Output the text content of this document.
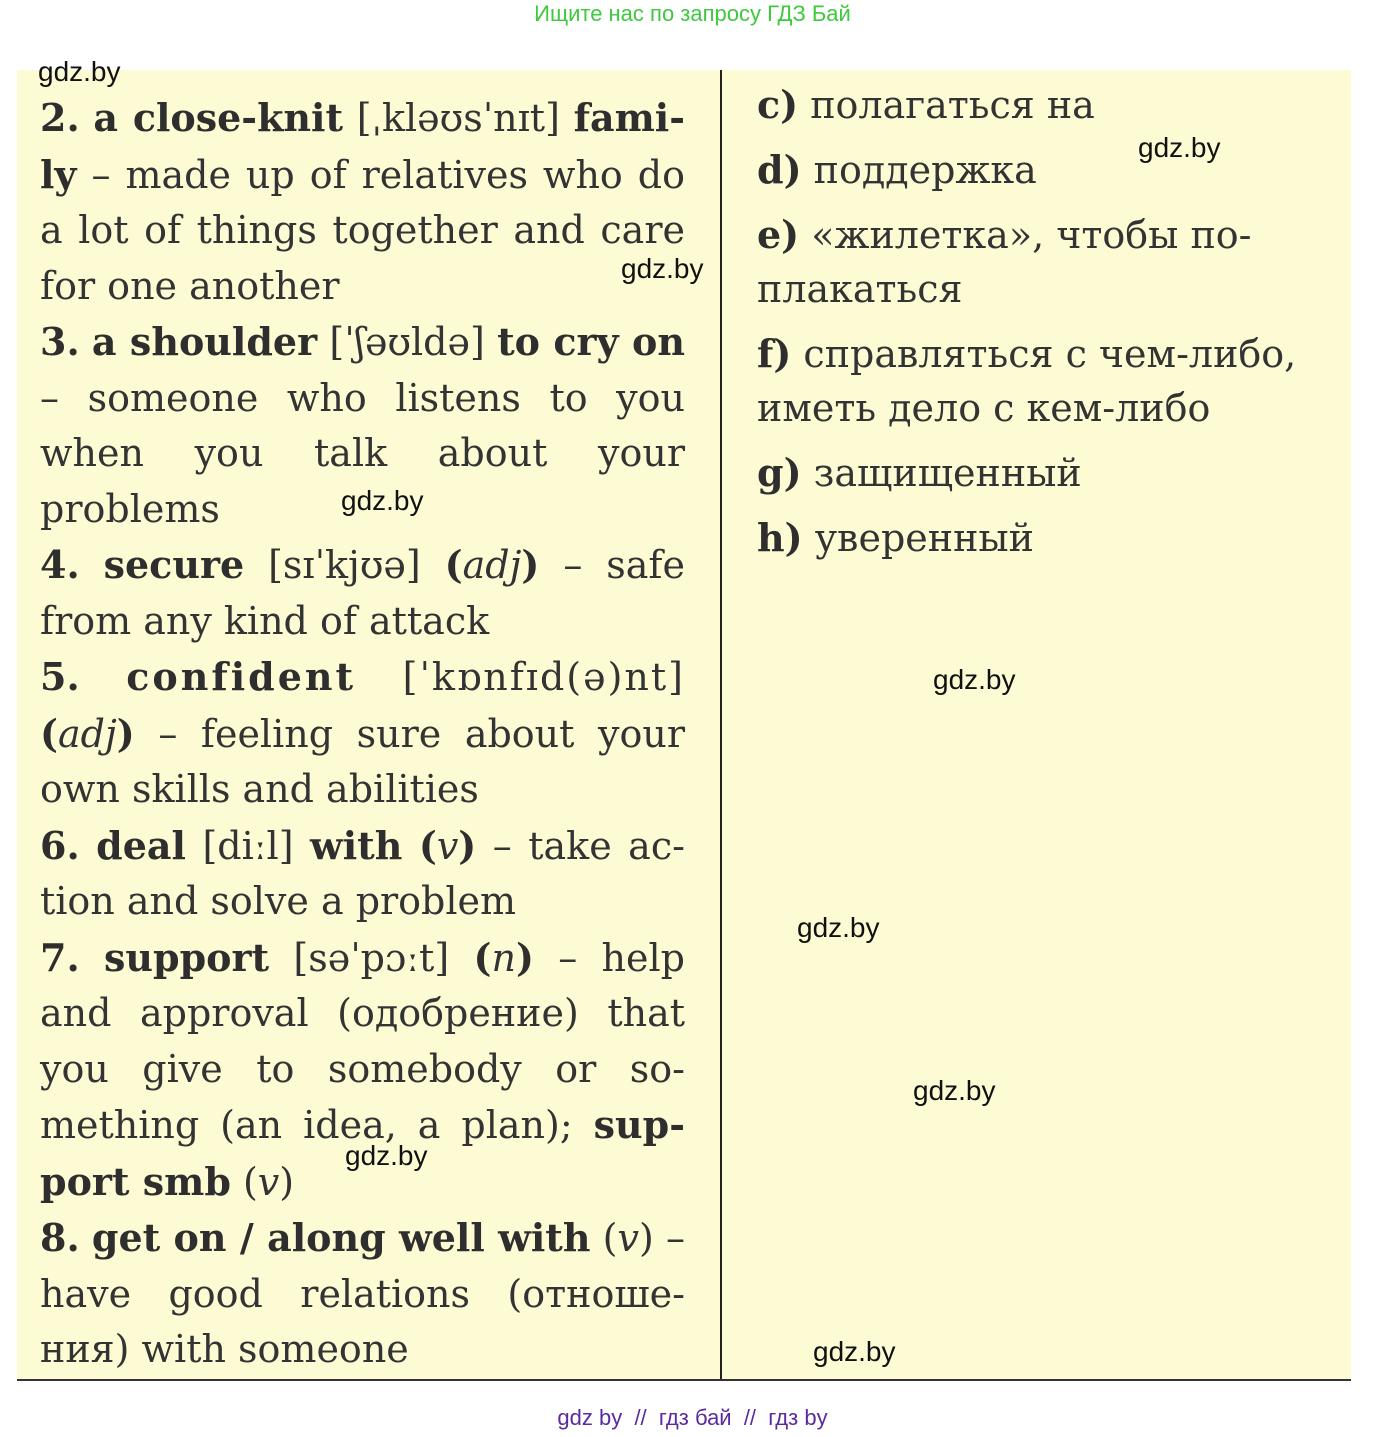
Ищите нас по запросу ГДЗ Бай

2. a close-knit [ˌkləʊsˈnɪt] fami-ly – made up of relatives who do a lot of things together and care for one another

3. a shoulder [ˈʃəʊldə] to cry on – someone who listens to you when you talk about your problems

4. secure [sɪˈkjʊə] (adj) – safe from any kind of attack

5. confident [ˈkɒnfɪd(ə)nt] (adj) – feeling sure about your own skills and abilities

6. deal [diːl] with (v) – take ac-tion and solve a problem

7. support [səˈpɔːt] (n) – help and approval (одобрение) that you give to somebody or so-mething (an idea, a plan); sup-port smb (v)

8. get on / along well with (v) – have good relations (отноше-ния) with someone

c) полагаться на

d) поддержка

e) «жилетка», чтобы по-плакаться

f) справляться с чем-либо, иметь дело с кем-либо

g) защищенный

h) уверенный

gdz.by
gdz.by
gdz.by
gdz.by
gdz.by
gdz.by
gdz.by
gdz.by
gdz.by
gdz by  //  гдз бай  //  гдз by
